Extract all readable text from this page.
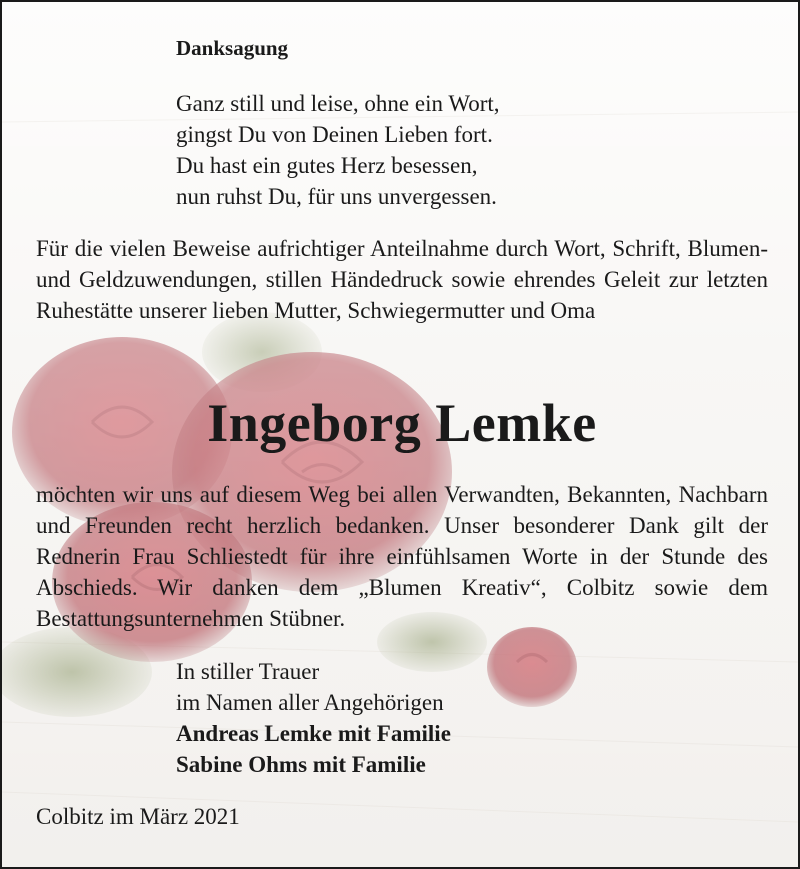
Danksagung
Ganz still und leise, ohne ein Wort,
gingst Du von Deinen Lieben fort.
Du hast ein gutes Herz besessen,
nun ruhst Du, für uns unvergessen.

Für die vielen Beweise aufrichtiger Anteilnahme durch Wort, Schrift, Blumen- und Geldzuwendungen, stillen Händedruck sowie ehrendes Geleit zur letzten Ruhestätte unserer lieben Mutter, Schwiegermutter und Oma

Ingeborg Lemke

möchten wir uns auf diesem Weg bei allen Verwandten, Bekannten, Nachbarn und Freunden recht herzlich bedanken. Unser besonderer Dank gilt der Rednerin Frau Schliestedt für ihre einfühlsamen Worte in der Stunde des Abschieds. Wir danken dem „Blumen Kreativ“, Colbitz sowie dem Bestattungsunternehmen Stübner.

In stiller Trauer
im Namen aller Angehörigen
Andreas Lemke mit Familie
Sabine Ohms mit Familie
Colbitz im März 2021
